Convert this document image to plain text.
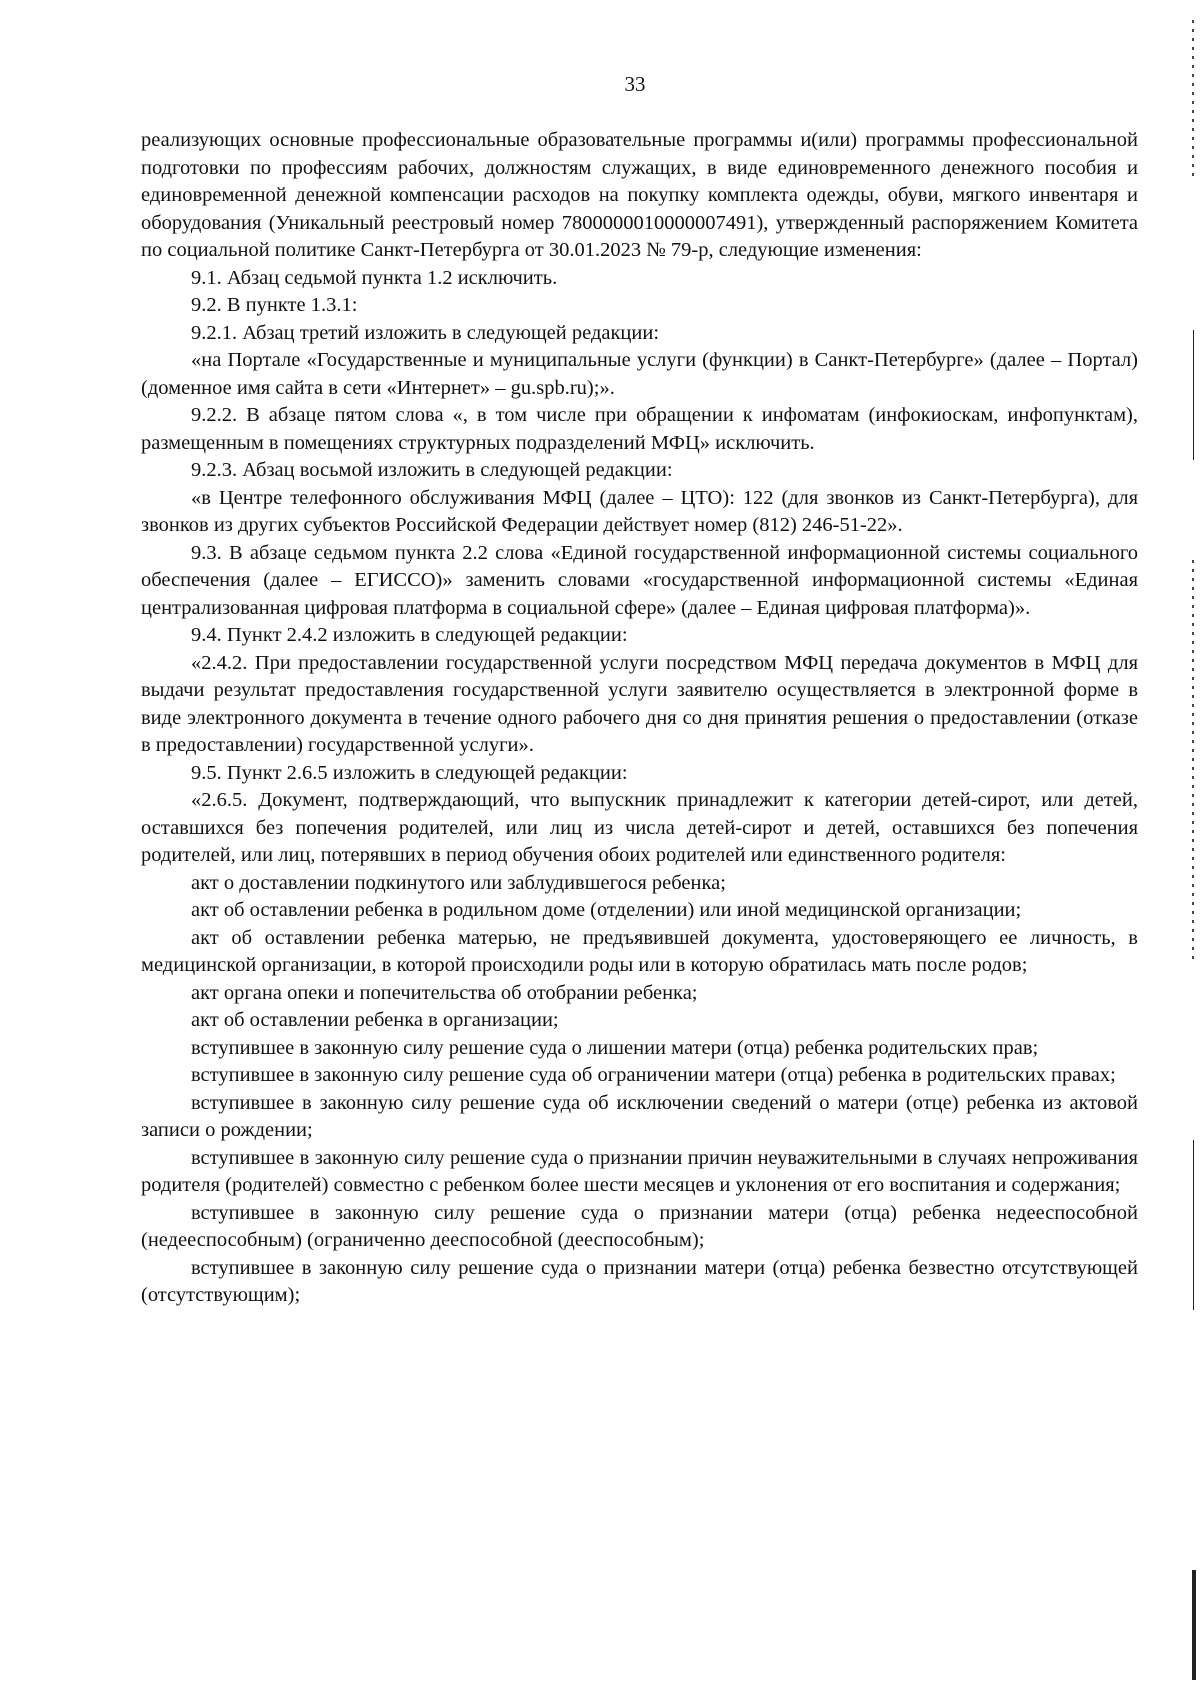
33

реализующих основные профессиональные образовательные программы и(или) программы профессиональной подготовки по профессиям рабочих, должностям служащих, в виде единовременного денежного пособия и единовременной денежной компенсации расходов на покупку комплекта одежды, обуви, мягкого инвентаря и оборудования (Уникальный реестровый номер 7800000010000007491), утвержденный распоряжением Комитета по социальной политике Санкт-Петербурга от 30.01.2023 № 79-р, следующие изменения:

9.1. Абзац седьмой пункта 1.2 исключить.

9.2. В пункте 1.3.1:

9.2.1. Абзац третий изложить в следующей редакции:

«на Портале «Государственные и муниципальные услуги (функции) в Санкт-Петербурге» (далее – Портал) (доменное имя сайта в сети «Интернет» – gu.spb.ru);».

9.2.2. В абзаце пятом слова «, в том числе при обращении к инфоматам (инфокиоскам, инфопунктам), размещенным в помещениях структурных подразделений МФЦ» исключить.

9.2.3. Абзац восьмой изложить в следующей редакции:

«в Центре телефонного обслуживания МФЦ (далее – ЦТО): 122 (для звонков из Санкт-Петербурга), для звонков из других субъектов Российской Федерации действует номер (812) 246-51-22».

9.3. В абзаце седьмом пункта 2.2 слова «Единой государственной информационной системы социального обеспечения (далее – ЕГИССО)» заменить словами «государственной информационной системы «Единая централизованная цифровая платформа в социальной сфере» (далее – Единая цифровая платформа)».

9.4. Пункт 2.4.2 изложить в следующей редакции:

«2.4.2. При предоставлении государственной услуги посредством МФЦ передача документов в МФЦ для выдачи результат предоставления государственной услуги заявителю осуществляется в электронной форме в виде электронного документа в течение одного рабочего дня со дня принятия решения о предоставлении (отказе в предоставлении) государственной услуги».

9.5. Пункт 2.6.5 изложить в следующей редакции:

«2.6.5. Документ, подтверждающий, что выпускник принадлежит к категории детей-сирот, или детей, оставшихся без попечения родителей, или лиц из числа детей-сирот и детей, оставшихся без попечения родителей, или лиц, потерявших в период обучения обоих родителей или единственного родителя:

акт о доставлении подкинутого или заблудившегося ребенка;

акт об оставлении ребенка в родильном доме (отделении) или иной медицинской организации;

акт об оставлении ребенка матерью, не предъявившей документа, удостоверяющего ее личность, в медицинской организации, в которой происходили роды или в которую обратилась мать после родов;

акт органа опеки и попечительства об отобрании ребенка;

акт об оставлении ребенка в организации;

вступившее в законную силу решение суда о лишении матери (отца) ребенка родительских прав;

вступившее в законную силу решение суда об ограничении матери (отца) ребенка в родительских правах;

вступившее в законную силу решение суда об исключении сведений о матери (отце) ребенка из актовой записи о рождении;

вступившее в законную силу решение суда о признании причин неуважительными в случаях непроживания родителя (родителей) совместно с ребенком более шести месяцев и уклонения от его воспитания и содержания;

вступившее в законную силу решение суда о признании матери (отца) ребенка недееспособной (недееспособным) (ограниченно дееспособной (дееспособным);

вступившее в законную силу решение суда о признании матери (отца) ребенка безвестно отсутствующей (отсутствующим);
